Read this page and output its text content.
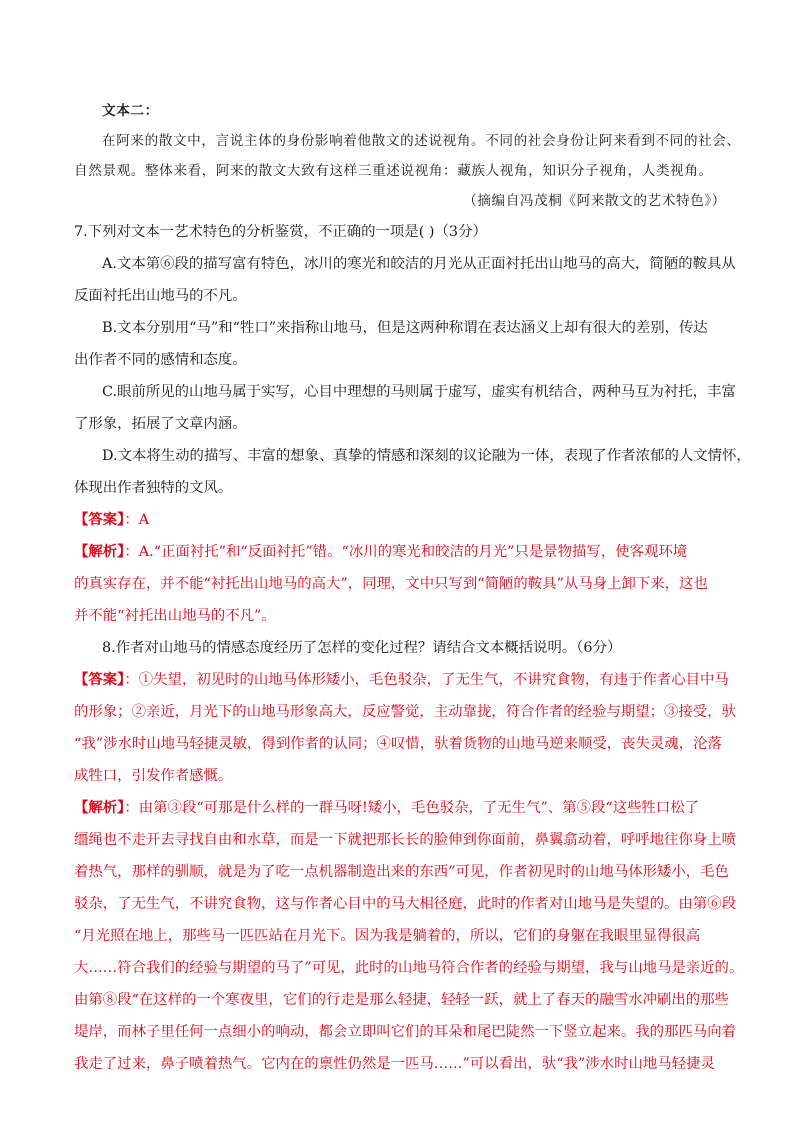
文本二：
在阿来的散文中，言说主体的身份影响着他散文的述说视角。不同的社会身份让阿来看到不同的社会、
自然景观。整体来看，阿来的散文大致有这样三重述说视角：藏族人视角，知识分子视角，人类视角。
（摘编自冯茂桐《阿来散文的艺术特色》）
7.下列对文本一艺术特色的分析鉴赏，不正确的一项是( )（3分）
A.文本第⑥段的描写富有特色，冰川的寒光和皎洁的月光从正面衬托出山地马的高大，简陋的鞍具从
反面衬托出山地马的不凡。
B.文本分别用“马”和“牲口”来指称山地马，但是这两种称谓在表达涵义上却有很大的差别，传达
出作者不同的感情和态度。
C.眼前所见的山地马属于实写，心目中理想的马则属于虚写，虚实有机结合，两种马互为衬托，丰富
了形象，拓展了文章内涵。
D.文本将生动的描写、丰富的想象、真挚的情感和深刻的议论融为一体，表现了作者浓郁的人文情怀，
体现出作者独特的文风。
【答案】：A
【解析】：A.“正面衬托”和“反面衬托”错。“冰川的寒光和皎洁的月光”只是景物描写，使客观环境
的真实存在，并不能“衬托出山地马的高大”，同理，文中只写到“简陋的鞍具”从马身上卸下来，这也
并不能“衬托出山地马的不凡”。
8.作者对山地马的情感态度经历了怎样的变化过程？请结合文本概括说明。（6分）
【答案】：①失望，初见时的山地马体形矮小，毛色驳杂，了无生气，不讲究食物，有违于作者心目中马
的形象；②亲近，月光下的山地马形象高大，反应警觉，主动靠拢，符合作者的经验与期望；③接受，驮
“我”涉水时山地马轻捷灵敏，得到作者的认同；④叹惜，驮着货物的山地马逆来顺受，丧失灵魂，沦落
成牲口，引发作者感慨。
【解析】：由第③段“可那是什么样的一群马呀!矮小，毛色驳杂，了无生气”、第⑤段“这些牲口松了
缰绳也不走开去寻找自由和水草，而是一下就把那长长的脸伸到你面前，鼻翼翕动着，呼呼地往你身上喷
着热气，那样的驯顺，就是为了吃一点机器制造出来的东西”可见，作者初见时的山地马体形矮小，毛色
驳杂，了无生气，不讲究食物，这与作者心目中的马大相径庭，此时的作者对山地马是失望的。由第⑥段
“月光照在地上，那些马一匹匹站在月光下。因为我是躺着的，所以，它们的身躯在我眼里显得很高
大……符合我们的经验与期望的马了”可见，此时的山地马符合作者的经验与期望，我与山地马是亲近的。
由第⑧段“在这样的一个寒夜里，它们的行走是那么轻捷，轻轻一跃，就上了春天的融雪水冲刷出的那些
堤岸，而林子里任何一点细小的响动，都会立即叫它们的耳朵和尾巴陡然一下竖立起来。我的那匹马向着
我走了过来，鼻子喷着热气。它内在的禀性仍然是一匹马……”可以看出，驮“我”涉水时山地马轻捷灵
